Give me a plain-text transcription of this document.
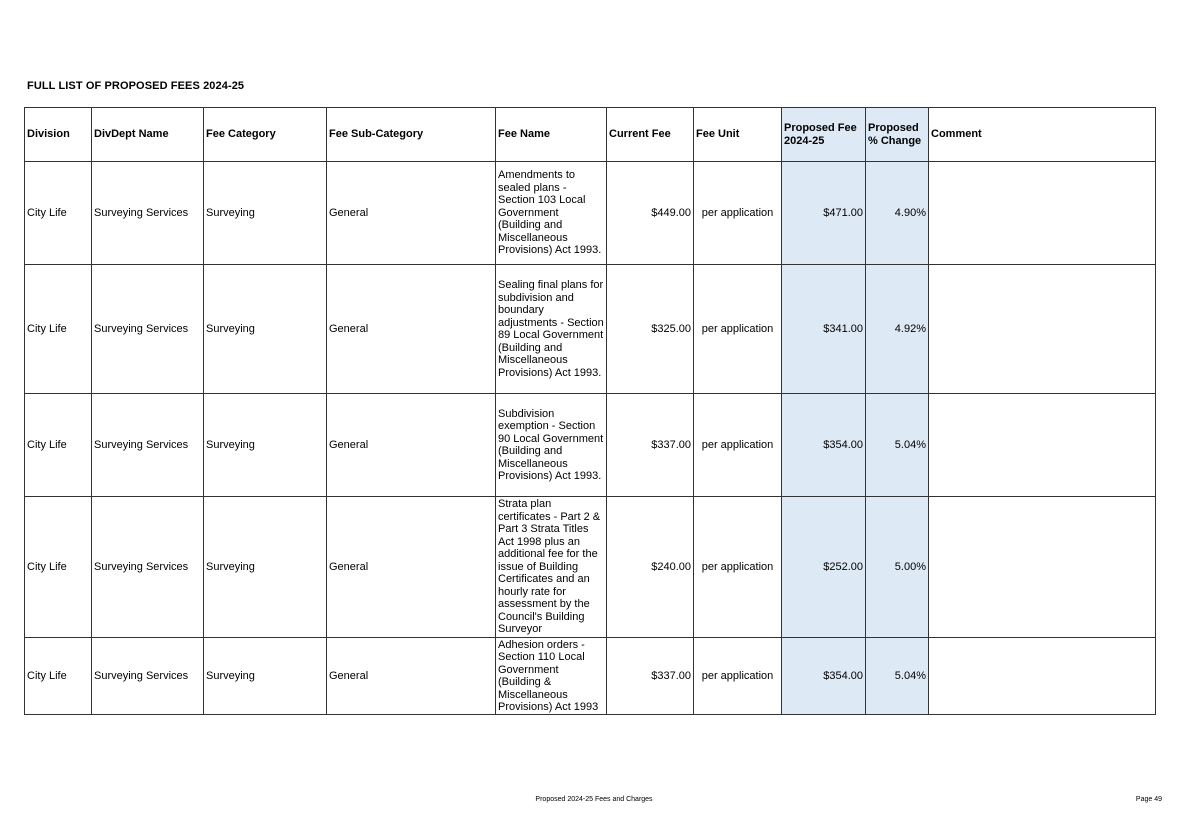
FULL LIST OF PROPOSED FEES 2024-25
Division	DivDept Name	Fee Category	Fee Sub-Category	Fee Name	Current Fee	Fee Unit	Proposed Fee 2024-25	Proposed % Change	Comment
City Life	Surveying Services	Surveying	General	Amendments to sealed plans - Section 103 Local Government (Building and Miscellaneous Provisions) Act 1993.	$449.00	per application	$471.00	4.90%	
City Life	Surveying Services	Surveying	General	Sealing final plans for subdivision and boundary adjustments - Section 89 Local Government (Building and Miscellaneous Provisions) Act 1993.	$325.00	per application	$341.00	4.92%	
City Life	Surveying Services	Surveying	General	Subdivision exemption - Section 90 Local Government (Building and Miscellaneous Provisions) Act 1993.	$337.00	per application	$354.00	5.04%	
City Life	Surveying Services	Surveying	General	Strata plan certificates - Part 2 & Part 3 Strata Titles Act 1998 plus an additional fee for the issue of Building Certificates and an hourly rate for assessment by the Council's Building Surveyor	$240.00	per application	$252.00	5.00%	
City Life	Surveying Services	Surveying	General	Adhesion orders - Section 110 Local Government (Building & Miscellaneous Provisions) Act 1993	$337.00	per application	$354.00	5.04%	
Proposed 2024-25 Fees and Charges	Page 49
